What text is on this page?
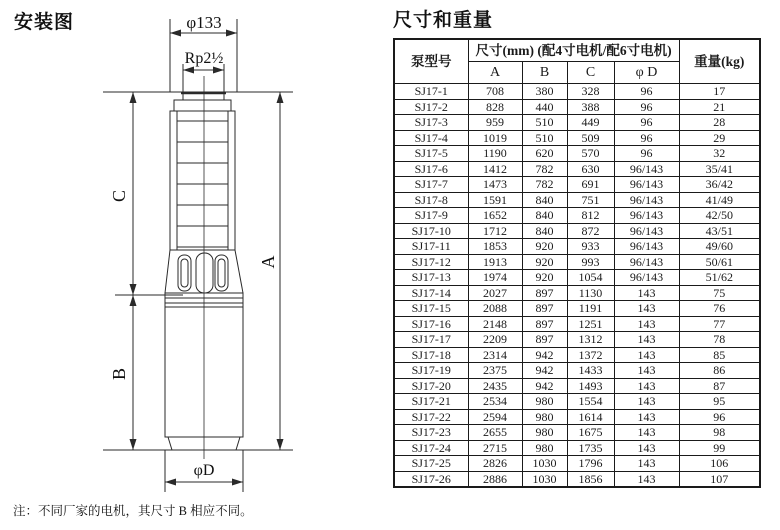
安装图	尺寸和重量
φ133
Rp2½
C
B
A
φD
注：不同厂家的电机，其尺寸 B 相应不同。
泵型号	尺寸(mm) (配4寸电机/配6寸电机)				重量(kg)
	A	B	C	φ D	
SJ17-1	708	380	328	96	17
SJ17-2	828	440	388	96	21
SJ17-3	959	510	449	96	28
SJ17-4	1019	510	509	96	29
SJ17-5	1190	620	570	96	32
SJ17-6	1412	782	630	96/143	35/41
SJ17-7	1473	782	691	96/143	36/42
SJ17-8	1591	840	751	96/143	41/49
SJ17-9	1652	840	812	96/143	42/50
SJ17-10	1712	840	872	96/143	43/51
SJ17-11	1853	920	933	96/143	49/60
SJ17-12	1913	920	993	96/143	50/61
SJ17-13	1974	920	1054	96/143	51/62
SJ17-14	2027	897	1130	143	75
SJ17-15	2088	897	1191	143	76
SJ17-16	2148	897	1251	143	77
SJ17-17	2209	897	1312	143	78
SJ17-18	2314	942	1372	143	85
SJ17-19	2375	942	1433	143	86
SJ17-20	2435	942	1493	143	87
SJ17-21	2534	980	1554	143	95
SJ17-22	2594	980	1614	143	96
SJ17-23	2655	980	1675	143	98
SJ17-24	2715	980	1735	143	99
SJ17-25	2826	1030	1796	143	106
SJ17-26	2886	1030	1856	143	107
